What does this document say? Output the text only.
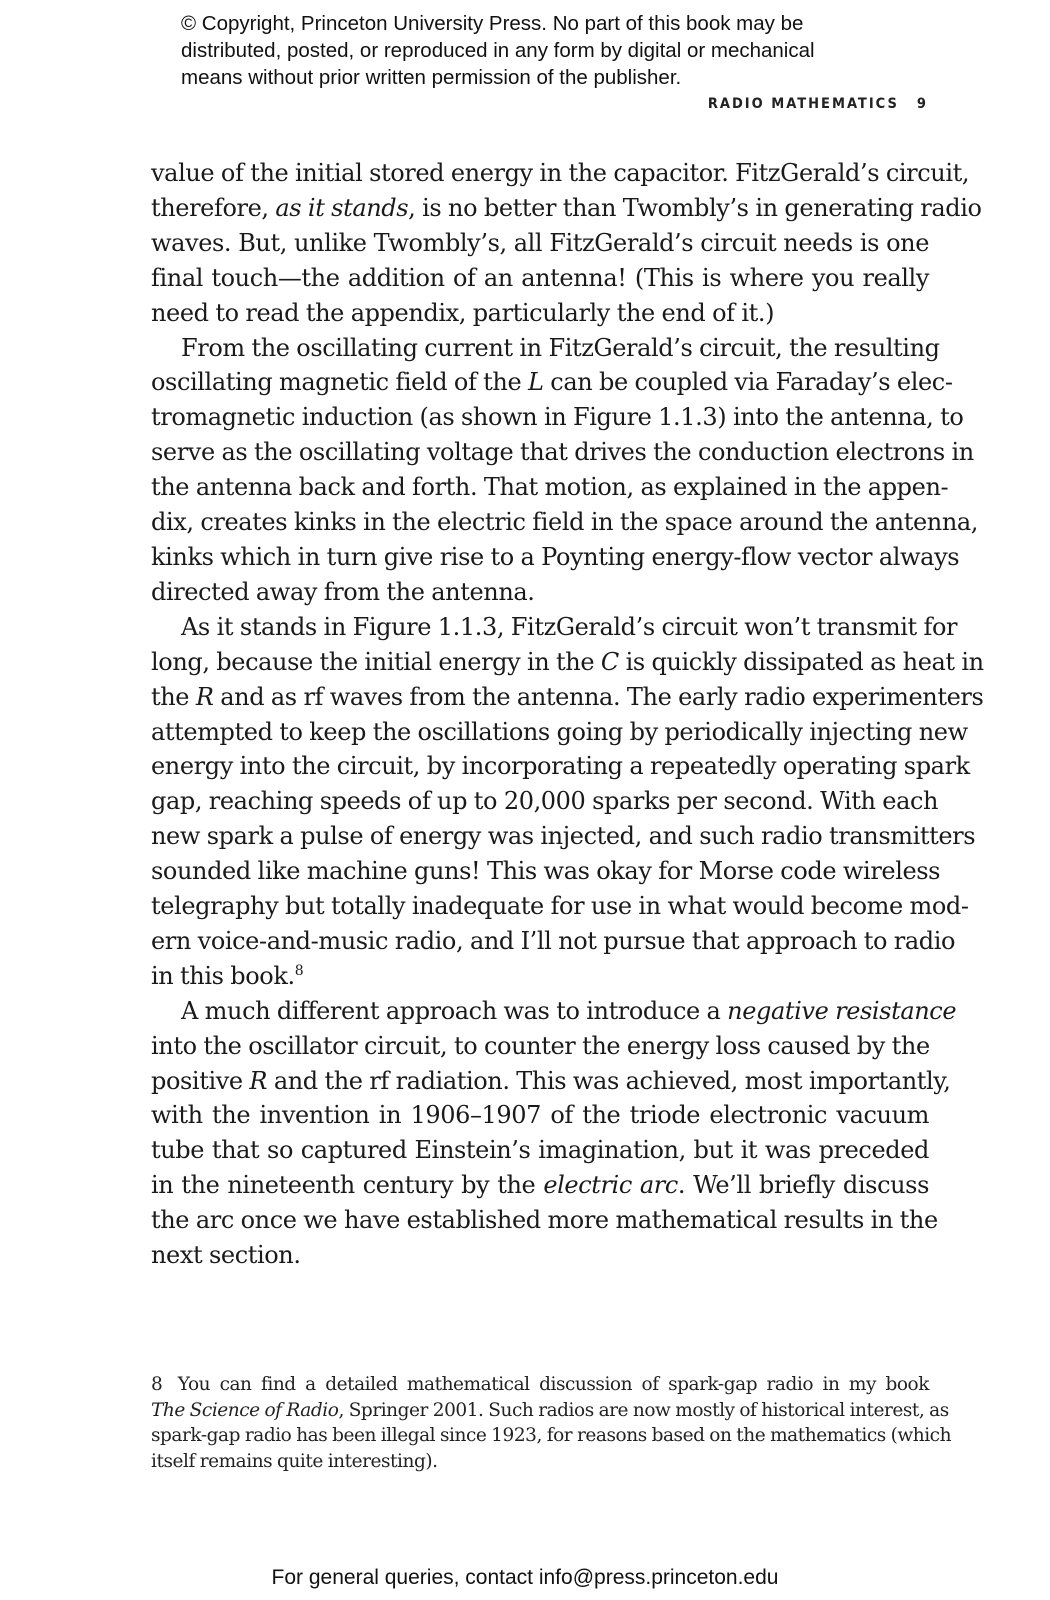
© Copyright, Princeton University Press. No part of this book may be
distributed, posted, or reproduced in any form by digital or mechanical
means without prior written permission of the publisher.
RADIO MATHEMATICS 9
value of the initial stored energy in the capacitor. FitzGerald’s circuit,
therefore, as it stands, is no better than Twombly’s in generating radio
waves. But, unlike Twombly’s, all FitzGerald’s circuit needs is one
final touch—the addition of an antenna! (This is where you really
need to read the appendix, particularly the end of it.)
From the oscillating current in FitzGerald’s circuit, the resulting
oscillating magnetic field of the L can be coupled via Faraday’s elec-
tromagnetic induction (as shown in Figure 1.1.3) into the antenna, to
serve as the oscillating voltage that drives the conduction electrons in
the antenna back and forth. That motion, as explained in the appen-
dix, creates kinks in the electric field in the space around the antenna,
kinks which in turn give rise to a Poynting energy-flow vector always
directed away from the antenna.
As it stands in Figure 1.1.3, FitzGerald’s circuit won’t transmit for
long, because the initial energy in the C is quickly dissipated as heat in
the R and as rf waves from the antenna. The early radio experimenters
attempted to keep the oscillations going by periodically injecting new
energy into the circuit, by incorporating a repeatedly operating spark
gap, reaching speeds of up to 20,000 sparks per second. With each
new spark a pulse of energy was injected, and such radio transmitters
sounded like machine guns! This was okay for Morse code wireless
telegraphy but totally inadequate for use in what would become mod-
ern voice-and-music radio, and I’ll not pursue that approach to radio
in this book.$^8$
A much different approach was to introduce a negative resistance
into the oscillator circuit, to counter the energy loss caused by the
positive R and the rf radiation. This was achieved, most importantly,
with the invention in 1906–1907 of the triode electronic vacuum
tube that so captured Einstein’s imagination, but it was preceded
in the nineteenth century by the electric arc. We’ll briefly discuss
the arc once we have established more mathematical results in the
next section.
8 You can find a detailed mathematical discussion of spark-gap radio in my book
The Science of Radio, Springer 2001. Such radios are now mostly of historical interest, as
spark-gap radio has been illegal since 1923, for reasons based on the mathematics (which
itself remains quite interesting).
For general queries, contact info@press.princeton.edu
